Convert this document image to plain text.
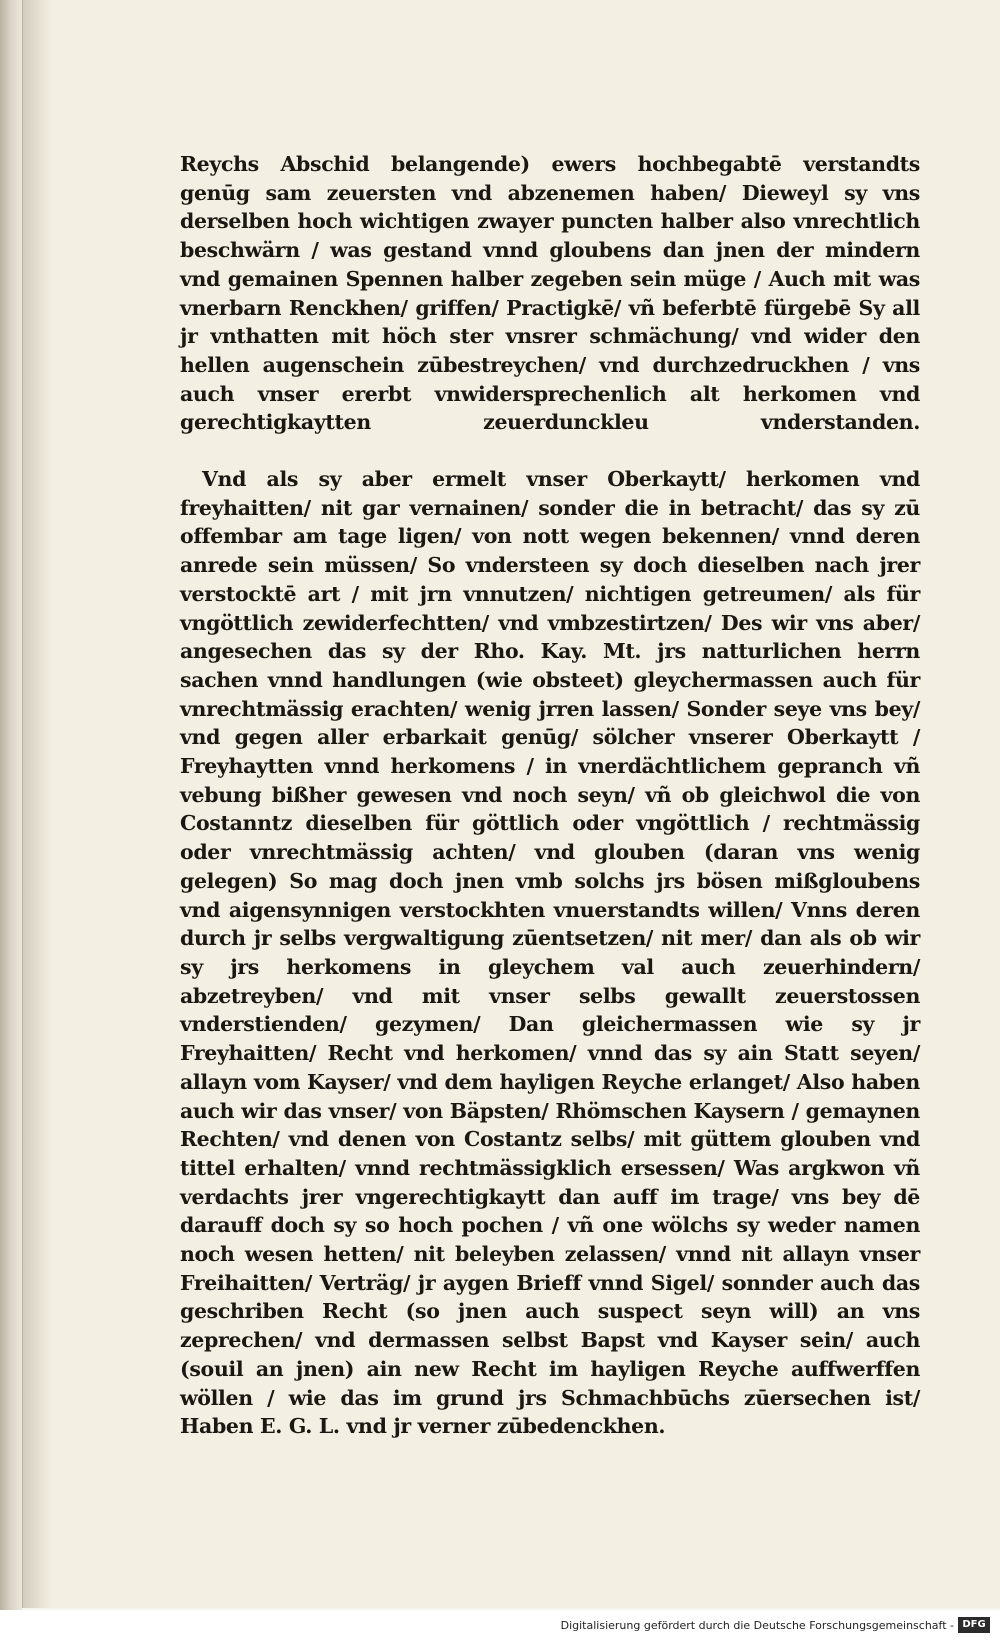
Reychs Abschid belangende) ewers hochbegabtē verstandts genūg sam zeuersten vnd abzenemen haben/ Dieweyl sy vns derselben hoch wichtigen zwayer puncten halber also vnrechtlich beschwärn / was gestand vnnd gloubens dan jnen der mindern vnd gemainen Spennen halber zegeben sein müge / Auch mit was vnerbarn Renckhen/ griffen/ Practigkē/ vñ beferbtē fürgebē Sy all jr vnthatten mit höch ster vnsrer schmächung/ vnd wider den hellen augenschein zūbestreychen/ vnd durchzedruckhen / vns auch vnser ererbt vnwidersprechenlich alt herkomen vnd gerechtigkaytten zeuerdunckleu vnderstanden.

Vnd als sy aber ermelt vnser Oberkaytt/ herkomen vnd freyhaitten/ nit gar vernainen/ sonder die in betracht/ das sy zū offembar am tage ligen/ von nott wegen bekennen/ vnnd deren anrede sein müssen/ So vndersteen sy doch dieselben nach jrer verstocktē art / mit jrn vnnutzen/ nichtigen getreumen/ als für vngöttlich zewiderfechtten/ vnd vmbzestirtzen/ Des wir vns aber/ angesechen das sy der Rho. Kay. Mt. jrs natturlichen herrn sachen vnnd handlungen (wie obsteet) gleychermassen auch für vnrechtmässig erachten/ wenig jrren lassen/ Sonder seye vns bey/ vnd gegen aller erbarkait genūg/ sölcher vnserer Oberkaytt / Freyhaytten vnnd herkomens / in vnerdächtlichem gepranch vñ vebung bißher gewesen vnd noch seyn/ vñ ob gleichwol die von Costanntz dieselben für göttlich oder vngöttlich / rechtmässig oder vnrechtmässig achten/ vnd glouben (daran vns wenig gelegen) So mag doch jnen vmb solchs jrs bösen mißgloubens vnd aigensynnigen verstockhten vnuerstandts willen/ Vnns deren durch jr selbs vergwaltigung zūentsetzen/ nit mer/ dan als ob wir sy jrs herkomens in gleychem val auch zeuerhindern/ abzetreyben/ vnd mit vnser selbs gewallt zeuerstossen vnderstienden/ gezymen/ Dan gleichermassen wie sy jr Freyhaitten/ Recht vnd herkomen/ vnnd das sy ain Statt seyen/ allayn vom Kayser/ vnd dem hayligen Reyche erlanget/ Also haben auch wir das vnser/ von Bäpsten/ Rhömschen Kaysern / gemaynen Rechten/ vnd denen von Costantz selbs/ mit güttem glouben vnd tittel erhalten/ vnnd rechtmässigklich ersessen/ Was argkwon vñ verdachts jrer vngerechtigkaytt dan auff im trage/ vns bey dē darauff doch sy so hoch pochen / vñ one wölchs sy weder namen noch wesen hetten/ nit beleyben zelassen/ vnnd nit allayn vnser Freihaitten/ Verträg/ jr aygen Brieff vnnd Sigel/ sonnder auch das geschriben Recht (so jnen auch suspect seyn will) an vns zeprechen/ vnd dermassen selbst Bapst vnd Kayser sein/ auch (souil an jnen) ain new Recht im hayligen Reyche auffwerffen wöllen / wie das im grund jrs Schmachbūchs zūersechen ist/ Haben E. G. L. vnd jr verner zūbedenckhen.

Digitalisierung gefördert durch die Deutsche Forschungsgemeinschaft - DFG
